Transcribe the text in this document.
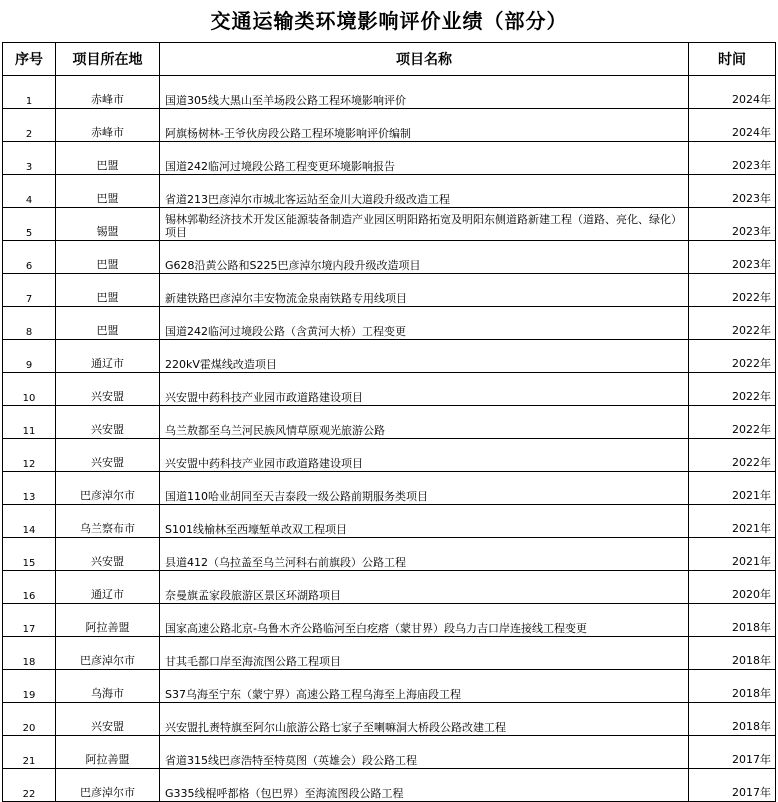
交通运输类环境影响评价业绩（部分）
序号	项目所在地	项目名称	时间
1	赤峰市	国道305线大黑山至羊场段公路工程环境影响评价	2024年
2	赤峰市	阿旗杨树林-王爷伙房段公路工程环境影响评价编制	2024年
3	巴盟	国道242临河过境段公路工程变更环境影响报告	2023年
4	巴盟	省道213巴彦淖尔市城北客运站至金川大道段升级改造工程	2023年
5	锡盟	锡林郭勒经济技术开发区能源装备制造产业园区明阳路拓宽及明阳东侧道路新建工程（道路、亮化、绿化）项目	2023年
6	巴盟	G628沿黄公路和S225巴彦淖尔境内段升级改造项目	2023年
7	巴盟	新建铁路巴彦淖尔丰安物流金泉南铁路专用线项目	2022年
8	巴盟	国道242临河过境段公路（含黄河大桥）工程变更	2022年
9	通辽市	220kV霍煤线改造项目	2022年
10	兴安盟	兴安盟中药科技产业园市政道路建设项目	2022年
11	兴安盟	乌兰敖都至乌兰河民族风情草原观光旅游公路	2022年
12	兴安盟	兴安盟中药科技产业园市政道路建设项目	2022年
13	巴彦淖尔市	国道110哈业胡同至天吉泰段一级公路前期服务类项目	2021年
14	乌兰察布市	S101线榆林至西壕堑单改双工程项目	2021年
15	兴安盟	县道412（乌拉盖至乌兰河科右前旗段）公路工程	2021年
16	通辽市	奈曼旗孟家段旅游区景区环湖路项目	2020年
17	阿拉善盟	国家高速公路北京-乌鲁木齐公路临河至白疙瘩（蒙甘界）段乌力吉口岸连接线工程变更	2018年
18	巴彦淖尔市	甘其毛都口岸至海流图公路工程项目	2018年
19	乌海市	S37乌海至宁东（蒙宁界）高速公路工程乌海至上海庙段工程	2018年
20	兴安盟	兴安盟扎赉特旗至阿尔山旅游公路七家子至喇嘛洞大桥段公路改建工程	2018年
21	阿拉善盟	省道315线巴彦浩特至特莫图（英雄会）段公路工程	2017年
22	巴彦淖尔市	G335线棍呼都格（包巴界）至海流图段公路工程	2017年
